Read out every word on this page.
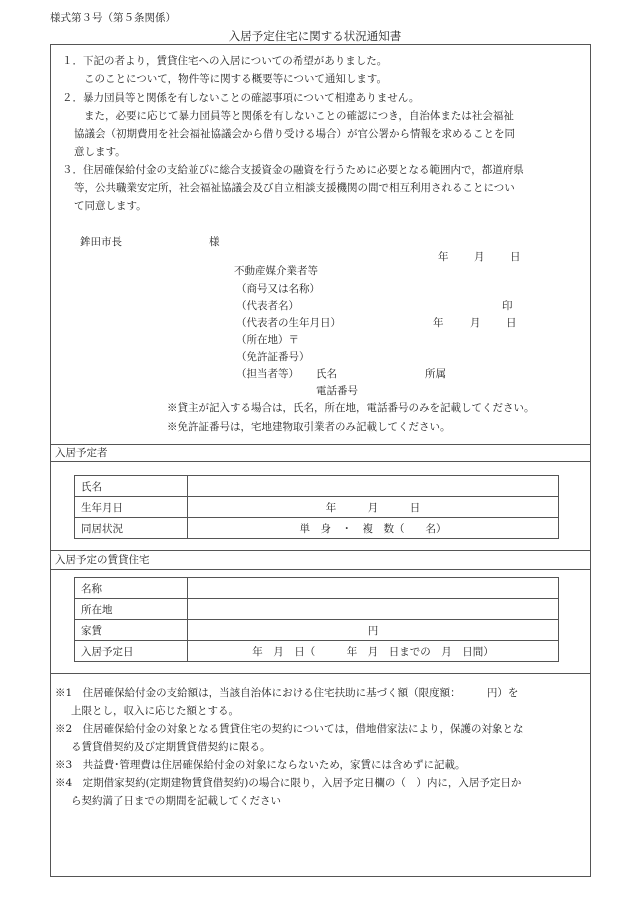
様式第３号（第５条関係）
入居予定住宅に関する状況通知書
１．下記の者より，賃貸住宅への入居についての希望がありました。
このことについて，物件等に関する概要等について通知します。
２．暴力団員等と関係を有しないことの確認事項について相違ありません。
また，必要に応じて暴力団員等と関係を有しないことの確認につき，自治体または社会福祉
協議会（初期費用を社会福祉協議会から借り受ける場合）が官公署から情報を求めることを同
意します。
３．住居確保給付金の支給並びに総合支援資金の融資を行うために必要となる範囲内で，都道府県
等，公共職業安定所，社会福祉協議会及び自立相談支援機関の間で相互利用されることについ
て同意します。
鉾田市長	様
年 月 日
不動産媒介業者等
（商号又は名称）
（代表者名）	印
（代表者の生年月日）	年	月 日
（所在地）〒
（免許証番号）
（担当者等） 氏名	所属
電話番号
※貸主が記入する場合は，氏名，所在地，電話番号のみを記載してください。
※免許証番号は，宅地建物取引業者のみ記載してください。
入居予定者
氏名	
生年月日	年　　　月　　　日
同居状況	単　身　・　複　数（　　名）
入居予定の賃貸住宅
名称	
所在地	
家賃	円
入居予定日	年　月　日（　　　年　月　日までの　月　日間）
※1　住居確保給付金の支給額は，当該自治体における住宅扶助に基づく額（限度額：　　　円）を
上限とし，収入に応じた額とする。
※2　住居確保給付金の対象となる賃貸住宅の契約については，借地借家法により，保護の対象とな
る賃貸借契約及び定期賃貸借契約に限る。
※3　共益費･管理費は住居確保給付金の対象にならないため，家賃には含めずに記載。
※4　定期借家契約(定期建物賃貸借契約)の場合に限り，入居予定日欄の（　）内に，入居予定日か
ら契約満了日までの期間を記載してください
